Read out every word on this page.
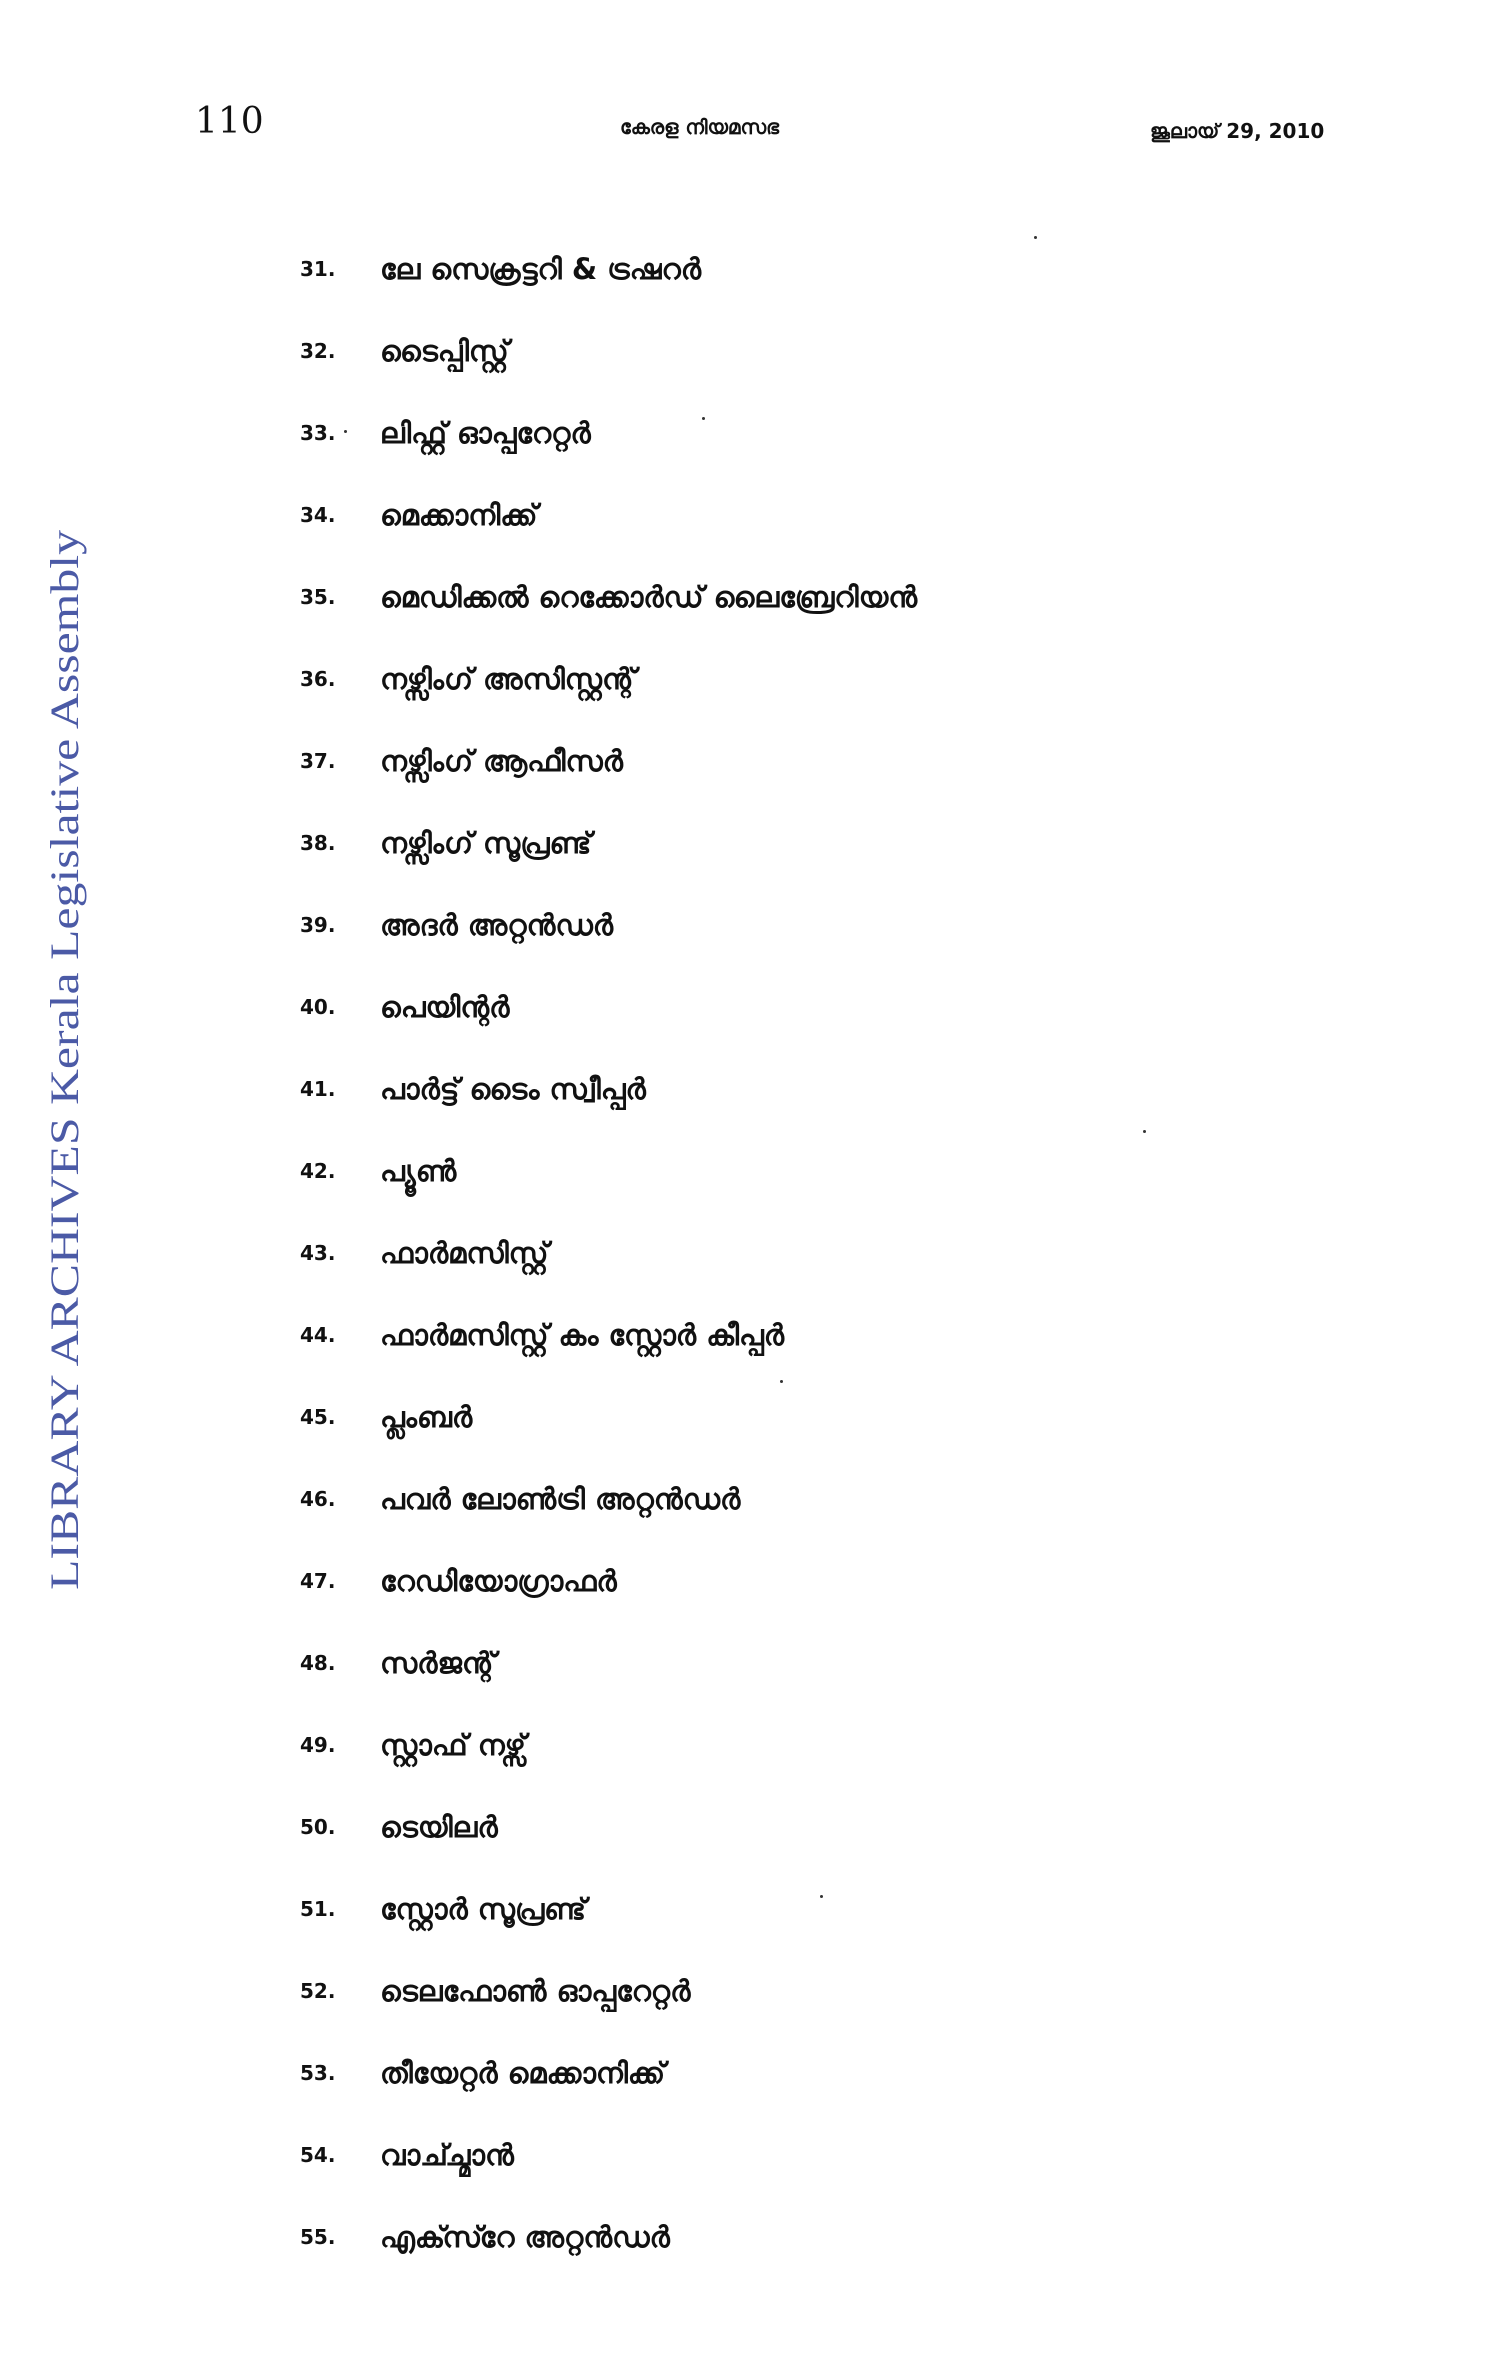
110	കേരള നിയമസഭ	ജൂലായ് 29, 2010
LIBRARY ARCHIVES Kerala Legislative Assembly
31.	ലേ സെക്രട്ടറി & ട്രഷറർ
32.	ടൈപ്പിസ്റ്റ്
33.	ലിഫ്റ്റ് ഓപ്പറേറ്റർ
34.	മെക്കാനിക്ക്
35.	മെഡിക്കൽ റെക്കോർഡ് ലൈബ്രേറിയൻ
36.	നഴ്സിംഗ് അസിസ്റ്റന്റ്
37.	നഴ്സിംഗ് ആഫീസർ
38.	നഴ്സിംഗ് സൂപ്രണ്ട്
39.	അദർ അറ്റൻഡർ
40.	പെയിന്റർ
41.	പാർട്ട് ടൈം സ്വീപ്പർ
42.	പ്യൂൺ
43.	ഫാർമസിസ്റ്റ്
44.	ഫാർമസിസ്റ്റ് കം സ്റ്റോർ കീപ്പർ
45.	പ്ലംബർ
46.	പവർ ലോൺട്രി അറ്റൻഡർ
47.	റേഡിയോഗ്രാഫർ
48.	സർജന്റ്
49.	സ്റ്റാഫ് നഴ്സ്
50.	ടെയിലർ
51.	സ്റ്റോർ സൂപ്രണ്ട്
52.	ടെലഫോൺ ഓപ്പറേറ്റർ
53.	തീയേറ്റർ മെക്കാനിക്ക്
54.	വാച്ച്മാൻ
55.	എക്സ്റേ അറ്റൻഡർ
